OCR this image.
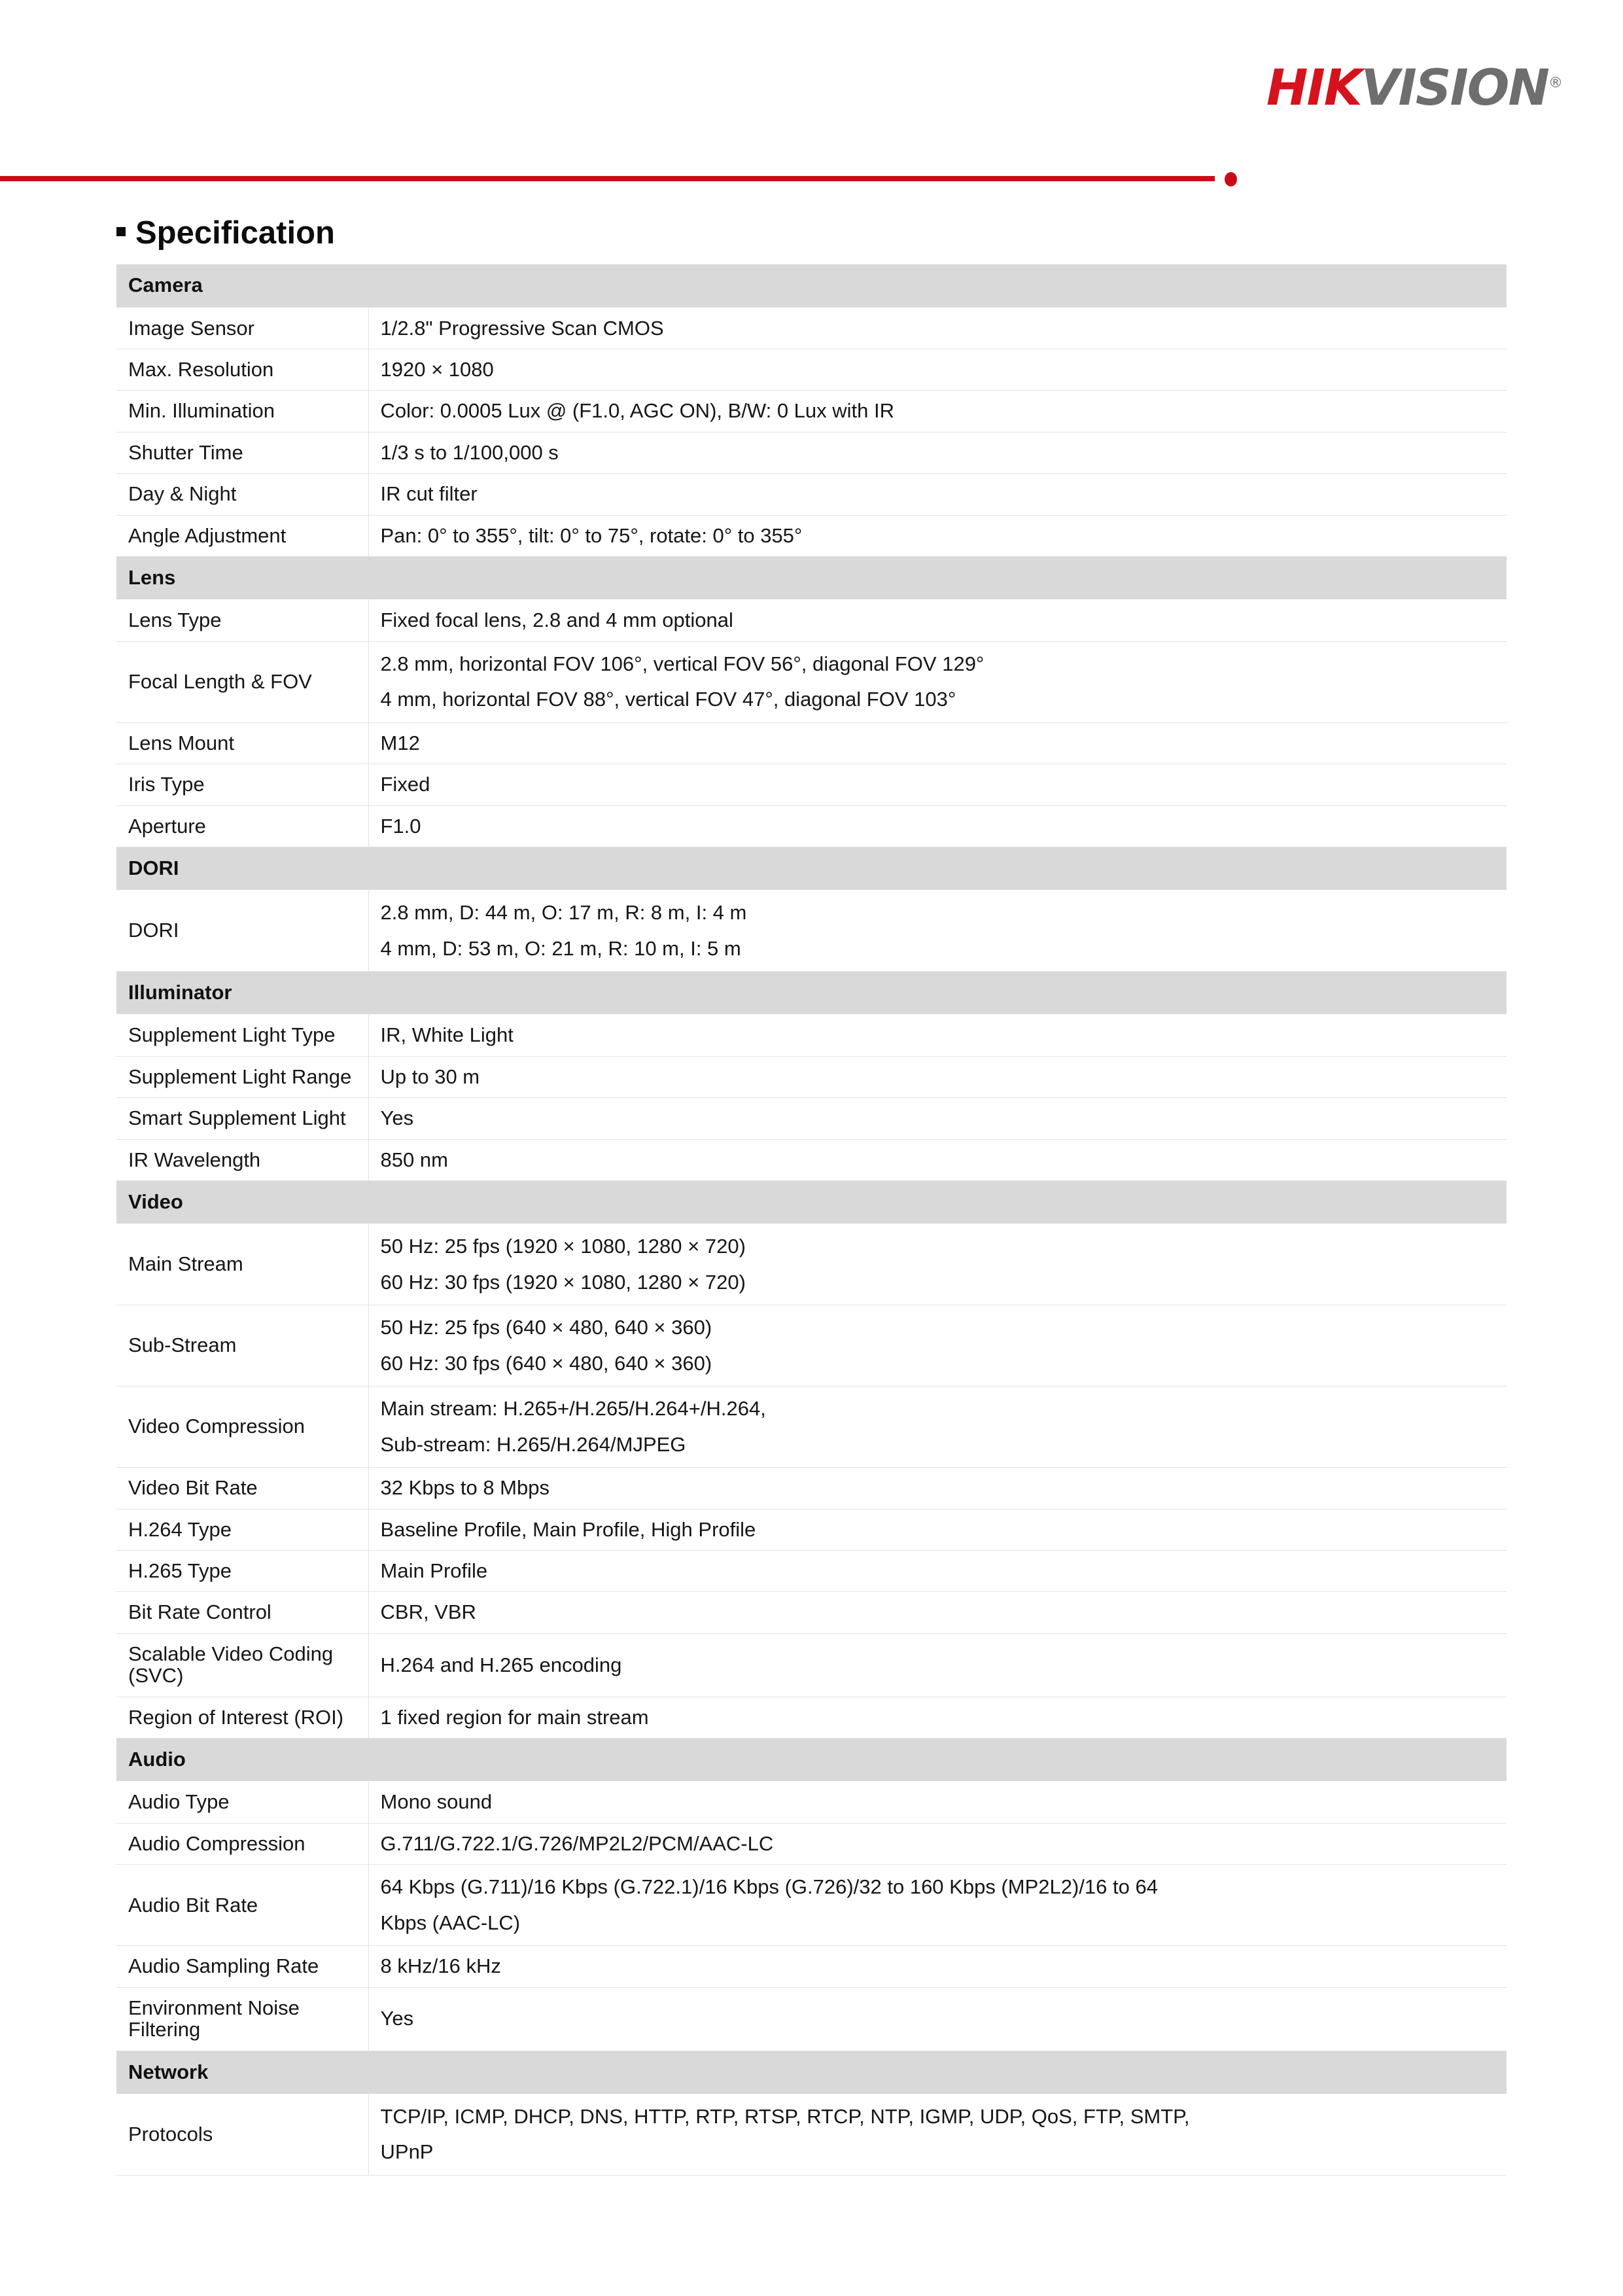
HIKVISION®
Specification
Camera	
Image Sensor	1/2.8" Progressive Scan CMOS

Max. Resolution	1920 × 1080

Min. Illumination	Color: 0.0005 Lux @ (F1.0, AGC ON), B/W: 0 Lux with IR

Shutter Time	1/3 s to 1/100,000 s

Day & Night	IR cut filter

Angle Adjustment	Pan: 0° to 355°, tilt: 0° to 75°, rotate: 0° to 355°

Lens	
Lens Type	Fixed focal lens, 2.8 and 4 mm optional

Focal Length & FOV	2.8 mm, horizontal FOV 106°, vertical FOV 56°, diagonal FOV 129°
4 mm, horizontal FOV 88°, vertical FOV 47°, diagonal FOV 103°

Lens Mount	M12

Iris Type	Fixed

Aperture	F1.0

DORI	
DORI	2.8 mm, D: 44 m, O: 17 m, R: 8 m, I: 4 m
4 mm, D: 53 m, O: 21 m, R: 10 m, I: 5 m

Illuminator	
Supplement Light Type	IR, White Light

Supplement Light Range	Up to 30 m

Smart Supplement Light	Yes

IR Wavelength	850 nm

Video	
Main Stream	50 Hz: 25 fps (1920 × 1080, 1280 × 720)
60 Hz: 30 fps (1920 × 1080, 1280 × 720)

Sub-Stream	50 Hz: 25 fps (640 × 480, 640 × 360)
60 Hz: 30 fps (640 × 480, 640 × 360)

Video Compression	Main stream: H.265+/H.265/H.264+/H.264,
Sub-stream: H.265/H.264/MJPEG

Video Bit Rate	32 Kbps to 8 Mbps

H.264 Type	Baseline Profile, Main Profile, High Profile

H.265 Type	Main Profile

Bit Rate Control	CBR, VBR

Scalable Video Coding (SVC)	H.264 and H.265 encoding

Region of Interest (ROI)	1 fixed region for main stream

Audio	
Audio Type	Mono sound

Audio Compression	G.711/G.722.1/G.726/MP2L2/PCM/AAC-LC

Audio Bit Rate	64 Kbps (G.711)/16 Kbps (G.722.1)/16 Kbps (G.726)/32 to 160 Kbps (MP2L2)/16 to 64
Kbps (AAC-LC)

Audio Sampling Rate	8 kHz/16 kHz

Environment Noise Filtering	Yes

Network	
Protocols	TCP/IP, ICMP, DHCP, DNS, HTTP, RTP, RTSP, RTCP, NTP, IGMP, UDP, QoS, FTP, SMTP,
UPnP
